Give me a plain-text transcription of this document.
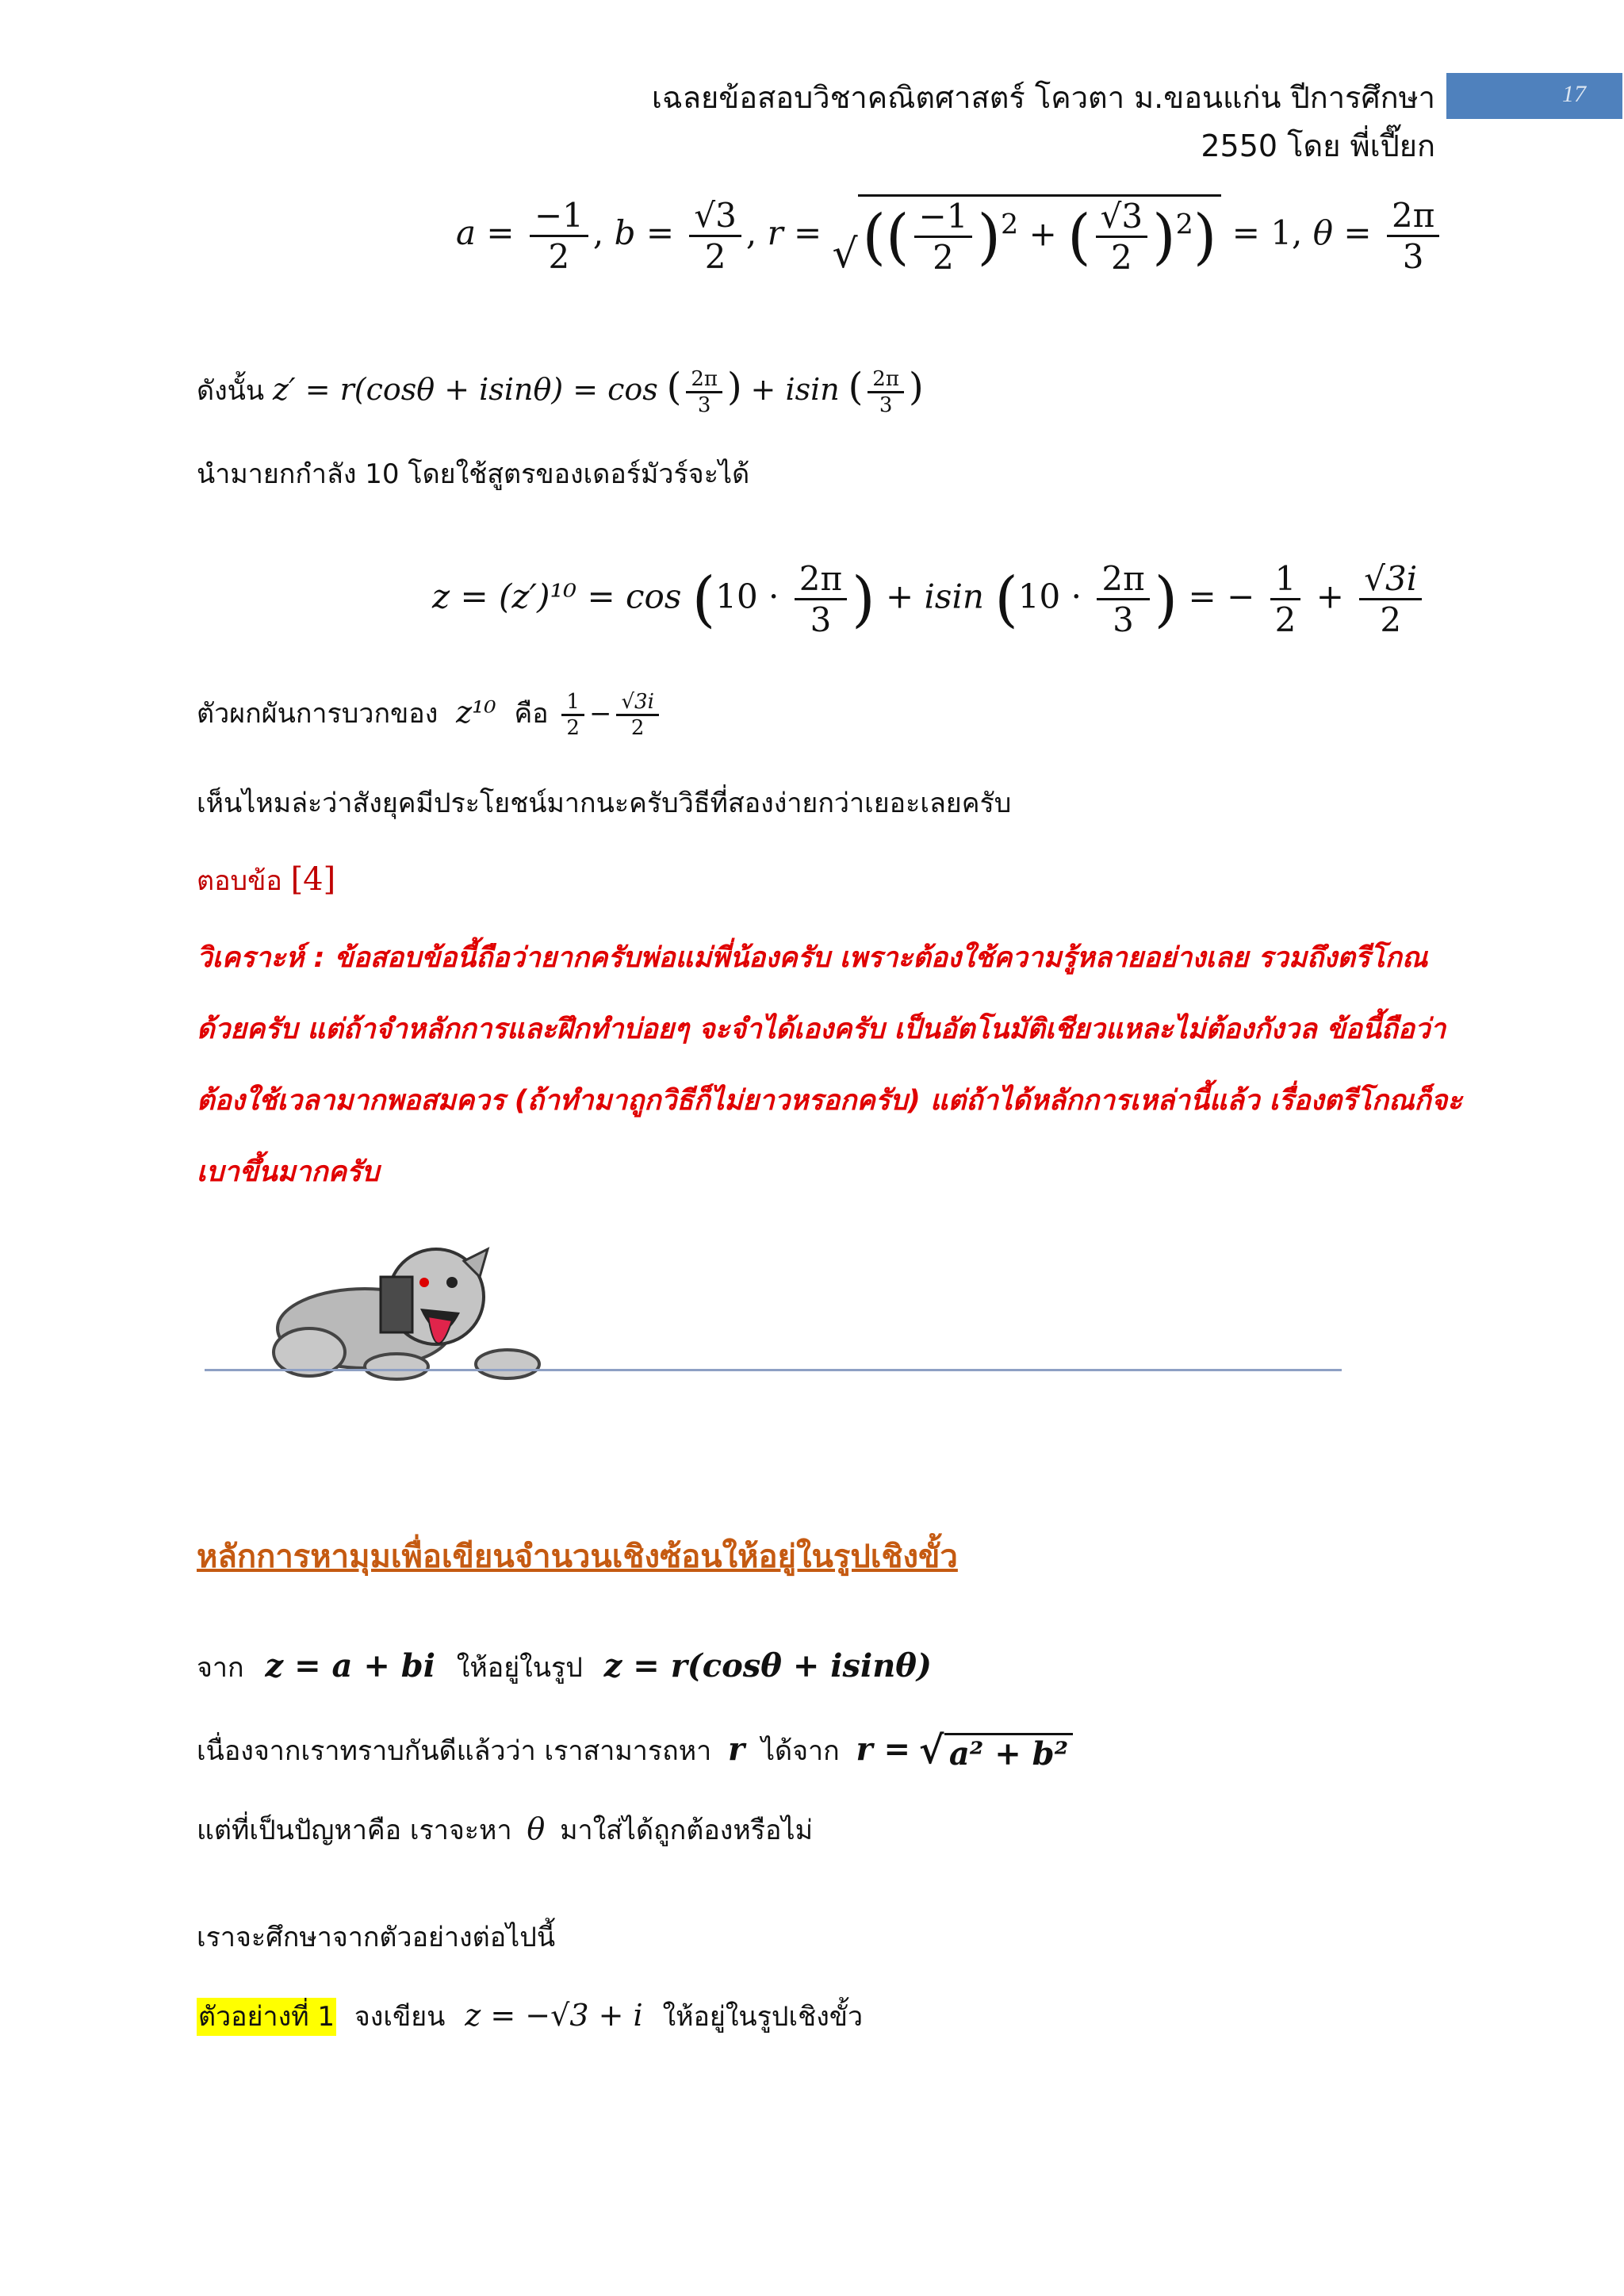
เฉลยข้อสอบวิชาคณิตศาสตร์ โควตา ม.ขอนแก่น ปีการศึกษา 2550 โดย พี่เปี๊ยก
17
$a = \frac{-1}{2}$ , $b = \frac{√3}{2}$ , r = √ (( $\frac{-1}{2} )^2$ + ( $\frac{√3}{2} )^2) = 1$, $\theta = \frac{2\pi}{3}$
ดังนั้น z′ = r(cosθ + isinθ) = cos ( $\frac{2\pi}{3}$ ) + isin ( $\frac{2\pi}{3}$ )
นำมายกกำลัง 10 โดยใช้สูตรของเดอร์มัวร์จะได้
$z = (z')^{10} = \cos (10 \cdot \frac{2\pi}{3}$ ) + isin ($10 \cdot \frac{2\pi}{3}$ ) = − $\frac{1}{2} + \frac{√3i}{2}$
ตัวผกผันการบวกของ z¹⁰ คือ $\frac{1}{2} - \frac{√3i}{2}$
เห็นไหมล่ะว่าสังยุคมีประโยชน์มากนะครับวิธีที่สองง่ายกว่าเยอะเลยครับ
ตอบข้อ [4]
วิเคราะห์ : ข้อสอบข้อนี้ถือว่ายากครับพ่อแม่พี่น้องครับ เพราะต้องใช้ความรู้หลายอย่างเลย รวมถึงตรีโกณ
ด้วยครับ แต่ถ้าจำหลักการและฝึกทำบ่อยๆ จะจำได้เองครับ เป็นอัตโนมัติเชียวแหละไม่ต้องกังวล ข้อนี้ถือว่า
ต้องใช้เวลามากพอสมควร (ถ้าทำมาถูกวิธีก็ไม่ยาวหรอกครับ) แต่ถ้าได้หลักการเหล่านี้แล้ว เรื่องตรีโกณก็จะ
เบาขึ้นมากครับ
หลักการหามุมเพื่อเขียนจำนวนเชิงซ้อนให้อยู่ในรูปเชิงขั้ว
จาก z = a + bi ให้อยู่ในรูป z = r(cosθ + isinθ)
เนื่องจากเราทราบกันดีแล้วว่า เราสามารถหา r ได้จาก r = √ a² + b²
แต่ที่เป็นปัญหาคือ เราจะหา θ มาใส่ได้ถูกต้องหรือไม่
เราจะศึกษาจากตัวอย่างต่อไปนี้
ตัวอย่างที่ 1 จงเขียน z = −√3 + i ให้อยู่ในรูปเชิงขั้ว
